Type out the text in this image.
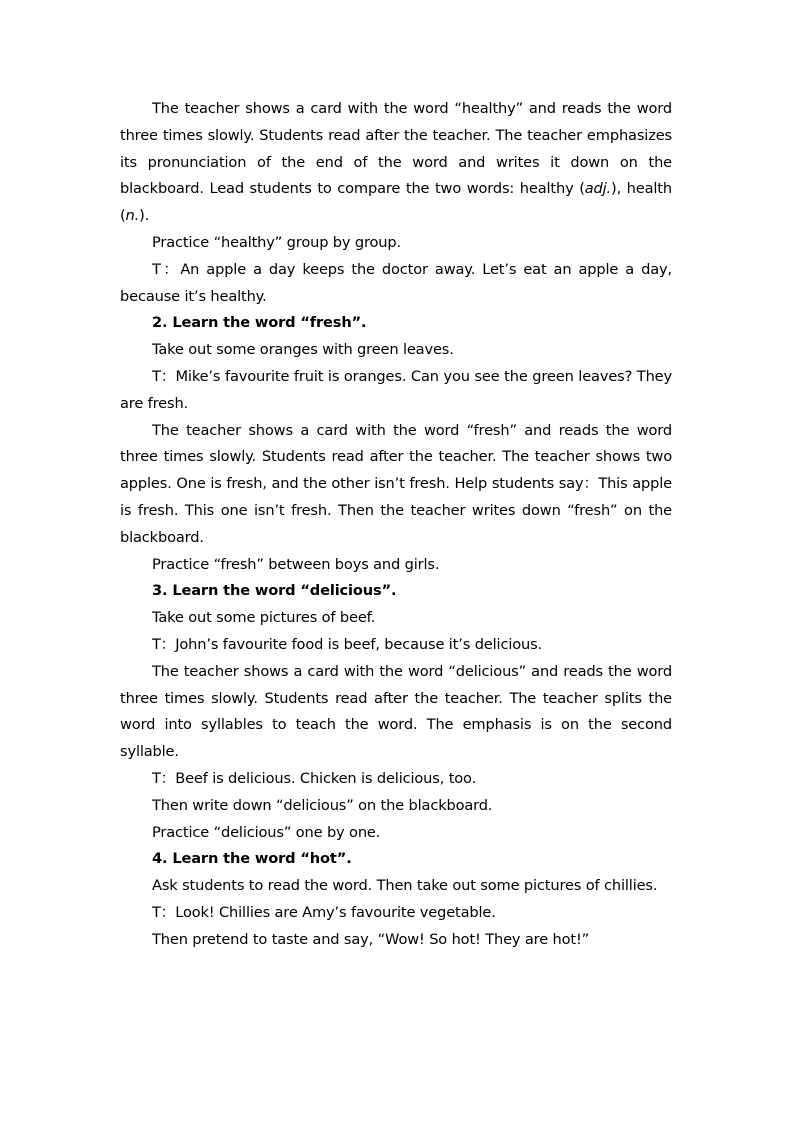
The teacher shows a card with the word “healthy” and reads the word three times slowly. Students read after the teacher. The teacher emphasizes its pronunciation of the end of the word and writes it down on the blackboard. Lead students to compare the two words: healthy (adj.), health (n.).

Practice “healthy” group by group.

T：An apple a day keeps the doctor away. Let’s eat an apple a day, because it’s healthy.

2. Learn the word “fresh”.

Take out some oranges with green leaves.

T：Mike’s favourite fruit is oranges. Can you see the green leaves? They are fresh.

The teacher shows a card with the word “fresh” and reads the word three times slowly. Students read after the teacher. The teacher shows two apples. One is fresh, and the other isn’t fresh. Help students say：This apple is fresh. This one isn’t fresh. Then the teacher writes down “fresh” on the blackboard.

Practice “fresh” between boys and girls.

3. Learn the word “delicious”.

Take out some pictures of beef.

T：John’s favourite food is beef, because it’s delicious.

The teacher shows a card with the word “delicious” and reads the word three times slowly. Students read after the teacher. The teacher splits the word into syllables to teach the word. The emphasis is on the second syllable.

T：Beef is delicious. Chicken is delicious, too.

Then write down “delicious” on the blackboard.

Practice “delicious” one by one.

4. Learn the word “hot”.

Ask students to read the word. Then take out some pictures of chillies.

T：Look! Chillies are Amy’s favourite vegetable.

Then pretend to taste and say, “Wow! So hot! They are hot!”
